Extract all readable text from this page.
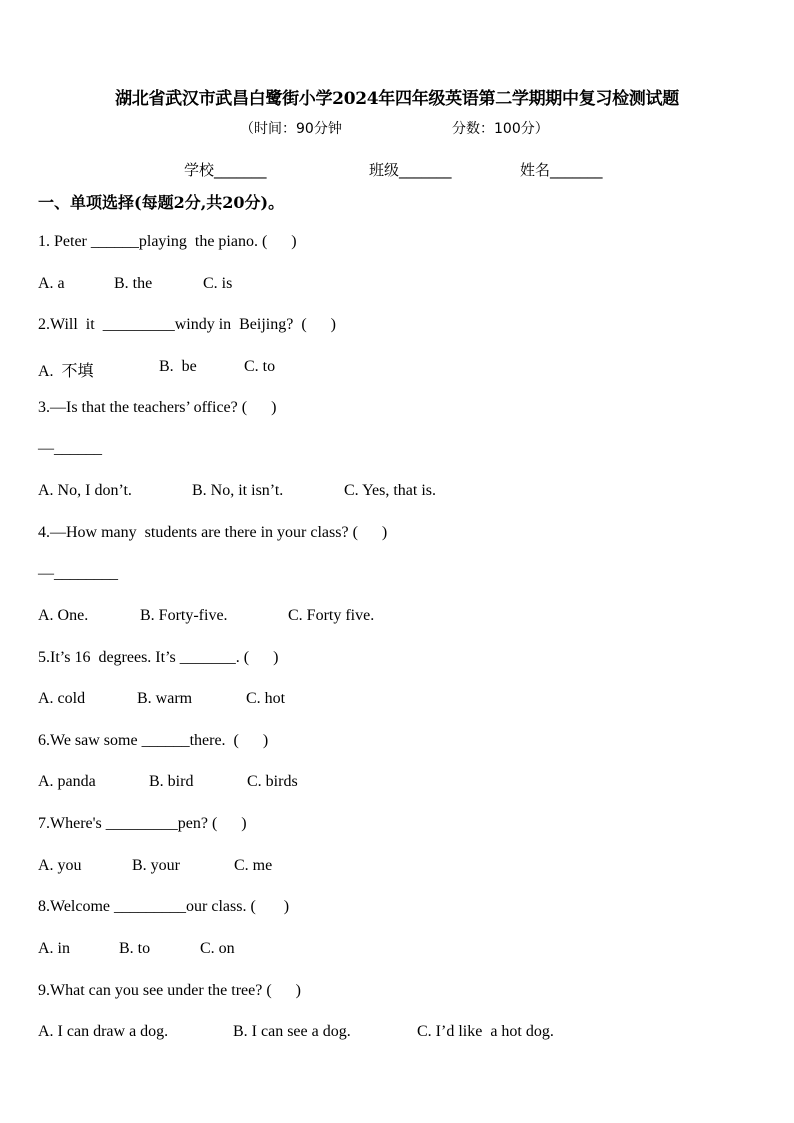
湖北省武汉市武昌白鹭街小学2024年四年级英语第二学期期中复习检测试题
（时间：90分钟	分数：100分）
学校_______	班级_______	姓名_______
一、单项选择(每题2分,共20分)。
1. Peter ______playing  the piano. (      )
A. a	B. the	C. is
2.Will  it  _________windy in  Beijing?  (      )
A.  不填	B.  be	C. to
3.—Is that the teachers’ office? (      )
—______
A. No, I don’t.	B. No, it isn’t.	C. Yes, that is.
4.—How many  students are there in your class? (      )
—________
A. One.	B. Forty-five.	C. Forty five.
5.It’s 16  degrees. It’s _______. (      )
A. cold	B. warm	C. hot
6.We saw some ______there.  (      )
A. panda	B. bird	C. birds
7.Where's _________pen? (      )
A. you	B. your	C. me
8.Welcome _________our class. (       )
A. in	B. to	C. on
9.What can you see under the tree? (      )
A. I can draw a dog.	B. I can see a dog.	C. I’d like  a hot dog.
